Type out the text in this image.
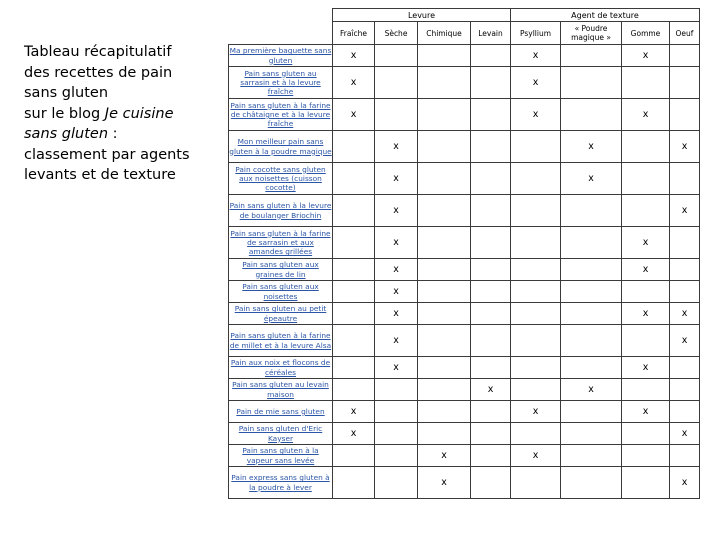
Tableau récapitulatif
des recettes de pain
sans gluten
sur le blog Je cuisine
sans gluten :
classement par agents
levants et de texture
	Levure				Agent de texture			
	Fraîche	Sèche	Chimique	Levain	Psyllium	« Poudre magique »	Gomme	Oeuf
Ma première baguette sans gluten	x				x		x	
Pain sans gluten au sarrasin et à la levure fraîche	x				x			
Pain sans gluten à la farine de châtaigne et à la levure fraîche	x				x		x	
Mon meilleur pain sans gluten à la poudre magique		x				x		x
Pain cocotte sans gluten aux noisettes (cuisson cocotte)		x				x		
Pain sans gluten à la levure de boulanger Briochin		x						x
Pain sans gluten à la farine de sarrasin et aux amandes grillées		x					x	
Pain sans gluten aux graines de lin		x					x	
Pain sans gluten aux noisettes		x						
Pain sans gluten au petit épeautre		x					x	x
Pain sans gluten à la farine de millet et à la levure Alsa		x						x
Pain aux noix et flocons de céréales		x					x	
Pain sans gluten au levain maison				x		x		
Pain de mie sans gluten	x				x		x	
Pain sans gluten d'Eric Kayser	x							x
Pain sans gluten à la vapeur sans levée			x		x			
Pain express sans gluten à la poudre à lever			x					x
